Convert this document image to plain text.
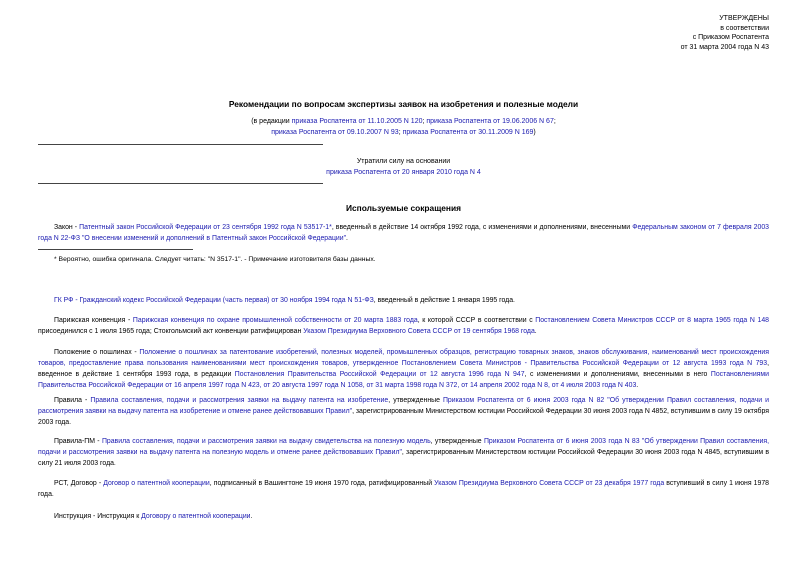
УТВЕРЖДЕНЫ
в соответствии
с Приказом Роспатента
от 31 марта 2004 года N 43
Рекомендации по вопросам экспертизы заявок на изобретения и полезные модели
(в редакции приказа Роспатента от 11.10.2005 N 120; приказа Роспатента от 19.06.2006 N 67;
приказа Роспатента от 09.10.2007 N 93; приказа Роспатента от 30.11.2009 N 169)
Утратили силу на основании
приказа Роспатента от 20 января 2010 года N 4
Используемые сокращения
Закон - Патентный закон Российской Федерации от 23 сентября 1992 года N 53517-1*, введенный в действие 14 октября 1992 года, с изменениями и дополнениями, внесенными Федеральным законом от 7 февраля 2003 года N 22-ФЗ "О внесении изменений и дополнений в Патентный закон Российской Федерации".
* Вероятно, ошибка оригинала. Следует читать: "N 3517-1". - Примечание изготовителя базы данных.
ГК РФ - Гражданский кодекс Российской Федерации (часть первая) от 30 ноября 1994 года N 51-ФЗ, введенный в действие 1 января 1995 года.
Парижская конвенция - Парижская конвенция по охране промышленной собственности от 20 марта 1883 года, к которой СССР в соответствии с Постановлением Совета Министров СССР от 8 марта 1965 года N 148 присоединился с 1 июля 1965 года; Стокгольмский акт конвенции ратифицирован Указом Президиума Верховного Совета СССР от 19 сентября 1968 года.
Положение о пошлинах - Положение о пошлинах за патентование изобретений, полезных моделей, промышленных образцов, регистрацию товарных знаков, знаков обслуживания, наименований мест происхождения товаров, предоставление права пользования наименованиями мест происхождения товаров, утвержденное Постановлением Совета Министров - Правительства Российской Федерации от 12 августа 1993 года N 793, введенное в действие 1 сентября 1993 года, в редакции Постановления Правительства Российской Федерации от 12 августа 1996 года N 947, с изменениями и дополнениями, внесенными в него Постановлениями Правительства Российской Федерации от 16 апреля 1997 года N 423, от 20 августа 1997 года N 1058, от 31 марта 1998 года N 372, от 14 апреля 2002 года N 8, от 4 июля 2003 года N 403.
Правила - Правила составления, подачи и рассмотрения заявки на выдачу патента на изобретение, утвержденные Приказом Роспатента от 6 июня 2003 года N 82 "Об утверждении Правил составления, подачи и рассмотрения заявки на выдачу патента на изобретение и отмене ранее действовавших Правил", зарегистрированным Министерством юстиции Российской Федерации 30 июня 2003 года N 4852, вступившим в силу 19 октября 2003 года.
Правила-ПМ - Правила составления, подачи и рассмотрения заявки на выдачу свидетельства на полезную модель, утвержденные Приказом Роспатента от 6 июня 2003 года N 83 "Об утверждении Правил составления, подачи и рассмотрения заявки на выдачу патента на полезную модель и отмене ранее действовавших Правил", зарегистрированным Министерством юстиции Российской Федерации 30 июня 2003 года N 4845, вступившим в силу 21 июля 2003 года.
РСТ, Договор - Договор о патентной кооперации, подписанный в Вашингтоне 19 июня 1970 года, ратифицированный Указом Президиума Верховного Совета СССР от 23 декабря 1977 года вступивший в силу 1 июня 1978 года.
Инструкция - Инструкция к Договору о патентной кооперации.
